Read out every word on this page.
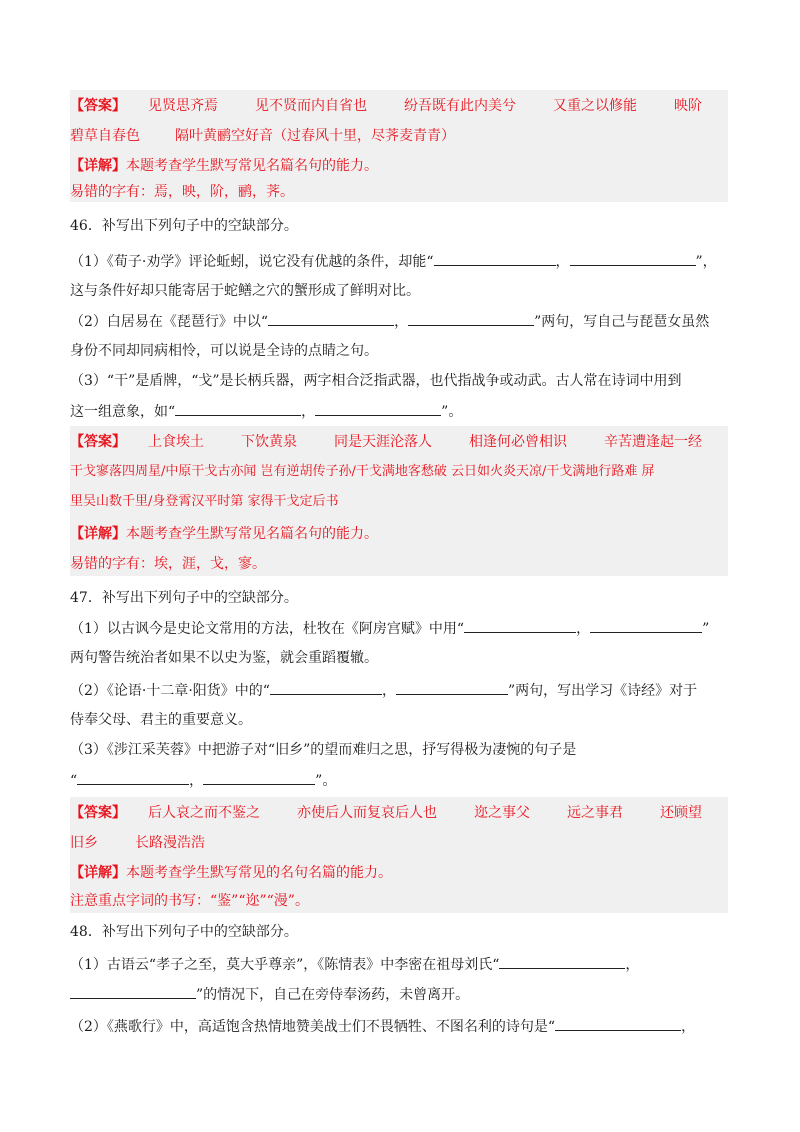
【答案】 见贤思齐焉	见不贤而内自省也	纷吾既有此内美兮	又重之以修能	映阶
碧草自春色	隔叶黄鹂空好音（过春风十里，尽荠麦青青）
【详解】本题考查学生默写常见名篇名句的能力。
易错的字有：焉，映，阶，鹂，荠。
46．补写出下列句子中的空缺部分。
（1）《荀子·劝学》评论蚯蚓，说它没有优越的条件，却能“	，	”，
这与条件好却只能寄居于蛇鳝之穴的蟹形成了鲜明对比。
（2）白居易在《琵琶行》中以“	，	”两句，写自己与琵琶女虽然
身份不同却同病相怜，可以说是全诗的点睛之句。
（3）“干”是盾牌，“戈”是长柄兵器，两字相合泛指武器，也代指战争或动武。古人常在诗词中用到
这一组意象，如“	，	”。
【答案】 上食埃土	下饮黄泉	同是天涯沦落人	相逢何必曾相识	辛苦遭逢起一经
干戈寥落四周星/中原干戈古亦闻 岂有逆胡传子孙/干戈满地客愁破 云日如火炎天凉/干戈满地行路难 屏
里吴山数千里/身登霄汉平时第 家得干戈定后书
【详解】本题考查学生默写常见名篇名句的能力。
易错的字有：埃，涯，戈，寥。
47．补写出下列句子中的空缺部分。
（1）以古讽今是史论文常用的方法，杜牧在《阿房宫赋》中用“	，	”
两句警告统治者如果不以史为鉴，就会重蹈覆辙。
（2）《论语·十二章·阳货》中的“	，	”两句，写出学习《诗经》对于
侍奉父母、君主的重要意义。
（3）《涉江采芙蓉》中把游子对“旧乡”的望而难归之思，抒写得极为凄惋的句子是
“	，	”。
【答案】 后人哀之而不鉴之	亦使后人而复哀后人也	迩之事父	远之事君	还顾望
旧乡	长路漫浩浩
【详解】本题考查学生默写常见的名句名篇的能力。
注意重点字词的书写：“鉴”“迩”“漫”。
48．补写出下列句子中的空缺部分。
（1）古语云“孝子之至，莫大乎尊亲”，《陈情表》中李密在祖母刘氏“	，
”的情况下，自己在旁侍奉汤药，未曾离开。
（2）《燕歌行》中，高适饱含热情地赞美战士们不畏牺牲、不图名利的诗句是“	，
